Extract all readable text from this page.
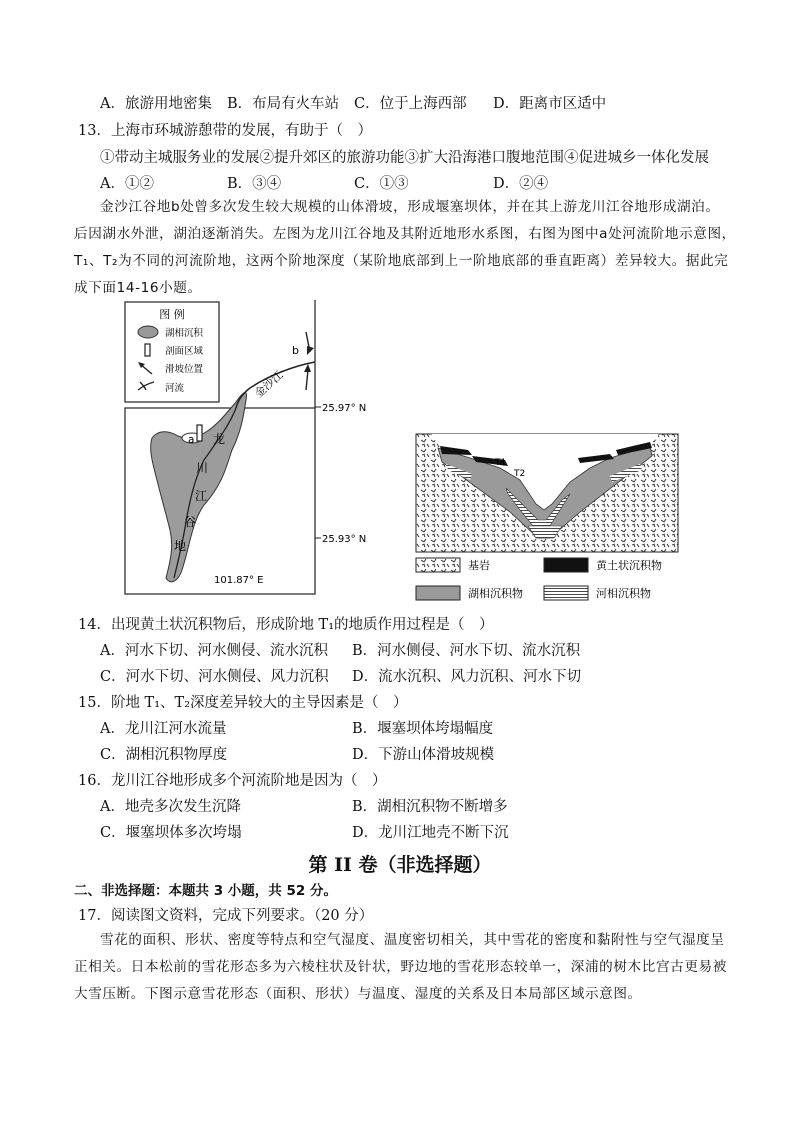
A．旅游用地密集 B．布局有火车站 C．位于上海西部 D．距离市区适中
13．上海市环城游憩带的发展，有助于（　）
①带动主城服务业的发展②提升郊区的旅游功能③扩大沿海港口腹地范围④促进城乡一体化发展
A．①②	B．③④	C．①③	D．②④
金沙江谷地b处曾多次发生较大规模的山体滑坡，形成堰塞坝体，并在其上游龙川江谷地形成湖泊。
后因湖水外泄，湖泊逐渐消失。左图为龙川江谷地及其附近地形水系图，右图为图中a处河流阶地示意图，
T₁、T₂为不同的河流阶地，这两个阶地深度（某阶地底部到上一阶地底部的垂直距离）差异较大。据此完
成下面14-16小题。
图 例
湖相沉积
剖面区域
滑坡位置
河流
b
金沙江
a 龙
川
江
谷
地
25.97° N
25.93° N
101.87° E
T1
T2
基岩	黄土状沉积物
湖相沉积物	河相沉积物
14．出现黄土状沉积物后，形成阶地 T₁的地质作用过程是（　）
A．河水下切、河水侧侵、流水沉积 B．河水侧侵、河水下切、流水沉积
C．河水下切、河水侧侵、风力沉积 D．流水沉积、风力沉积、河水下切
15．阶地 T₁、T₂深度差异较大的主导因素是（　）
A．龙川江河水流量	B．堰塞坝体垮塌幅度
C．湖相沉积物厚度	D．下游山体滑坡规模
16．龙川江谷地形成多个河流阶地是因为（　）
A．地壳多次发生沉降	B．湖相沉积物不断增多
C．堰塞坝体多次垮塌	D．龙川江地壳不断下沉
第 II 卷（非选择题）
二、非选择题：本题共 3 小题，共 52 分。
17．阅读图文资料，完成下列要求。（20 分）
雪花的面积、形状、密度等特点和空气湿度、温度密切相关，其中雪花的密度和黏附性与空气湿度呈
正相关。日本松前的雪花形态多为六棱柱状及针状，野边地的雪花形态较单一，深浦的树木比宫古更易被
大雪压断。下图示意雪花形态（面积、形状）与温度、湿度的关系及日本局部区域示意图。
